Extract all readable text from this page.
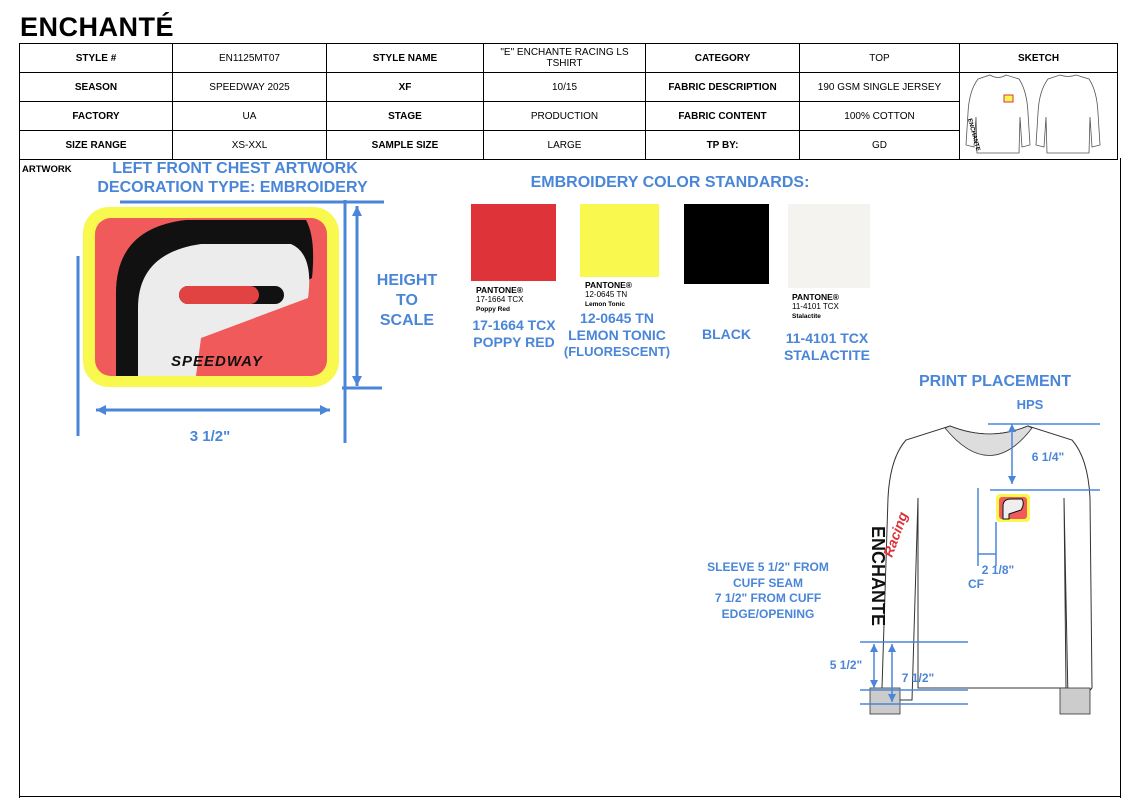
ENCHANTÉ
STYLE #	EN1125MT07	STYLE NAME	"E" ENCHANTE RACING LS TSHIRT	CATEGORY	TOP	SKETCH
SEASON	SPEEDWAY 2025	XF	10/15	FABRIC DESCRIPTION	190 GSM SINGLE JERSEY	ENCHANTE

FACTORY	UA	STAGE	PRODUCTION	FABRIC CONTENT	100% COTTON	
SIZE RANGE	XS-XXL	SAMPLE SIZE	LARGE	TP BY:	GD	
ARTWORK	LEFT FRONT CHEST ARTWORK
DECORATION TYPE: EMBROIDERY
SPEEDWAY
HEIGHT
TO
SCALE
3 1/2"
EMBROIDERY COLOR STANDARDS:
PANTONE®
17-1664 TCX
Poppy Red
17-1664 TCX
POPPY RED
PANTONE®
12-0645 TN
Lemon Tonic
12-0645 TN
LEMON TONIC
(FLUORESCENT)
BLACK
PANTONE®
11-4101 TCX
Stalactite
11-4101 TCX
STALACTITE
PRINT PLACEMENT
HPS
ENCHANTE
Racing
6 1/4"
2 1/8"
CF
SLEEVE 5 1/2" FROM
CUFF SEAM
7 1/2" FROM CUFF
EDGE/OPENING
5 1/2"
7 1/2"
